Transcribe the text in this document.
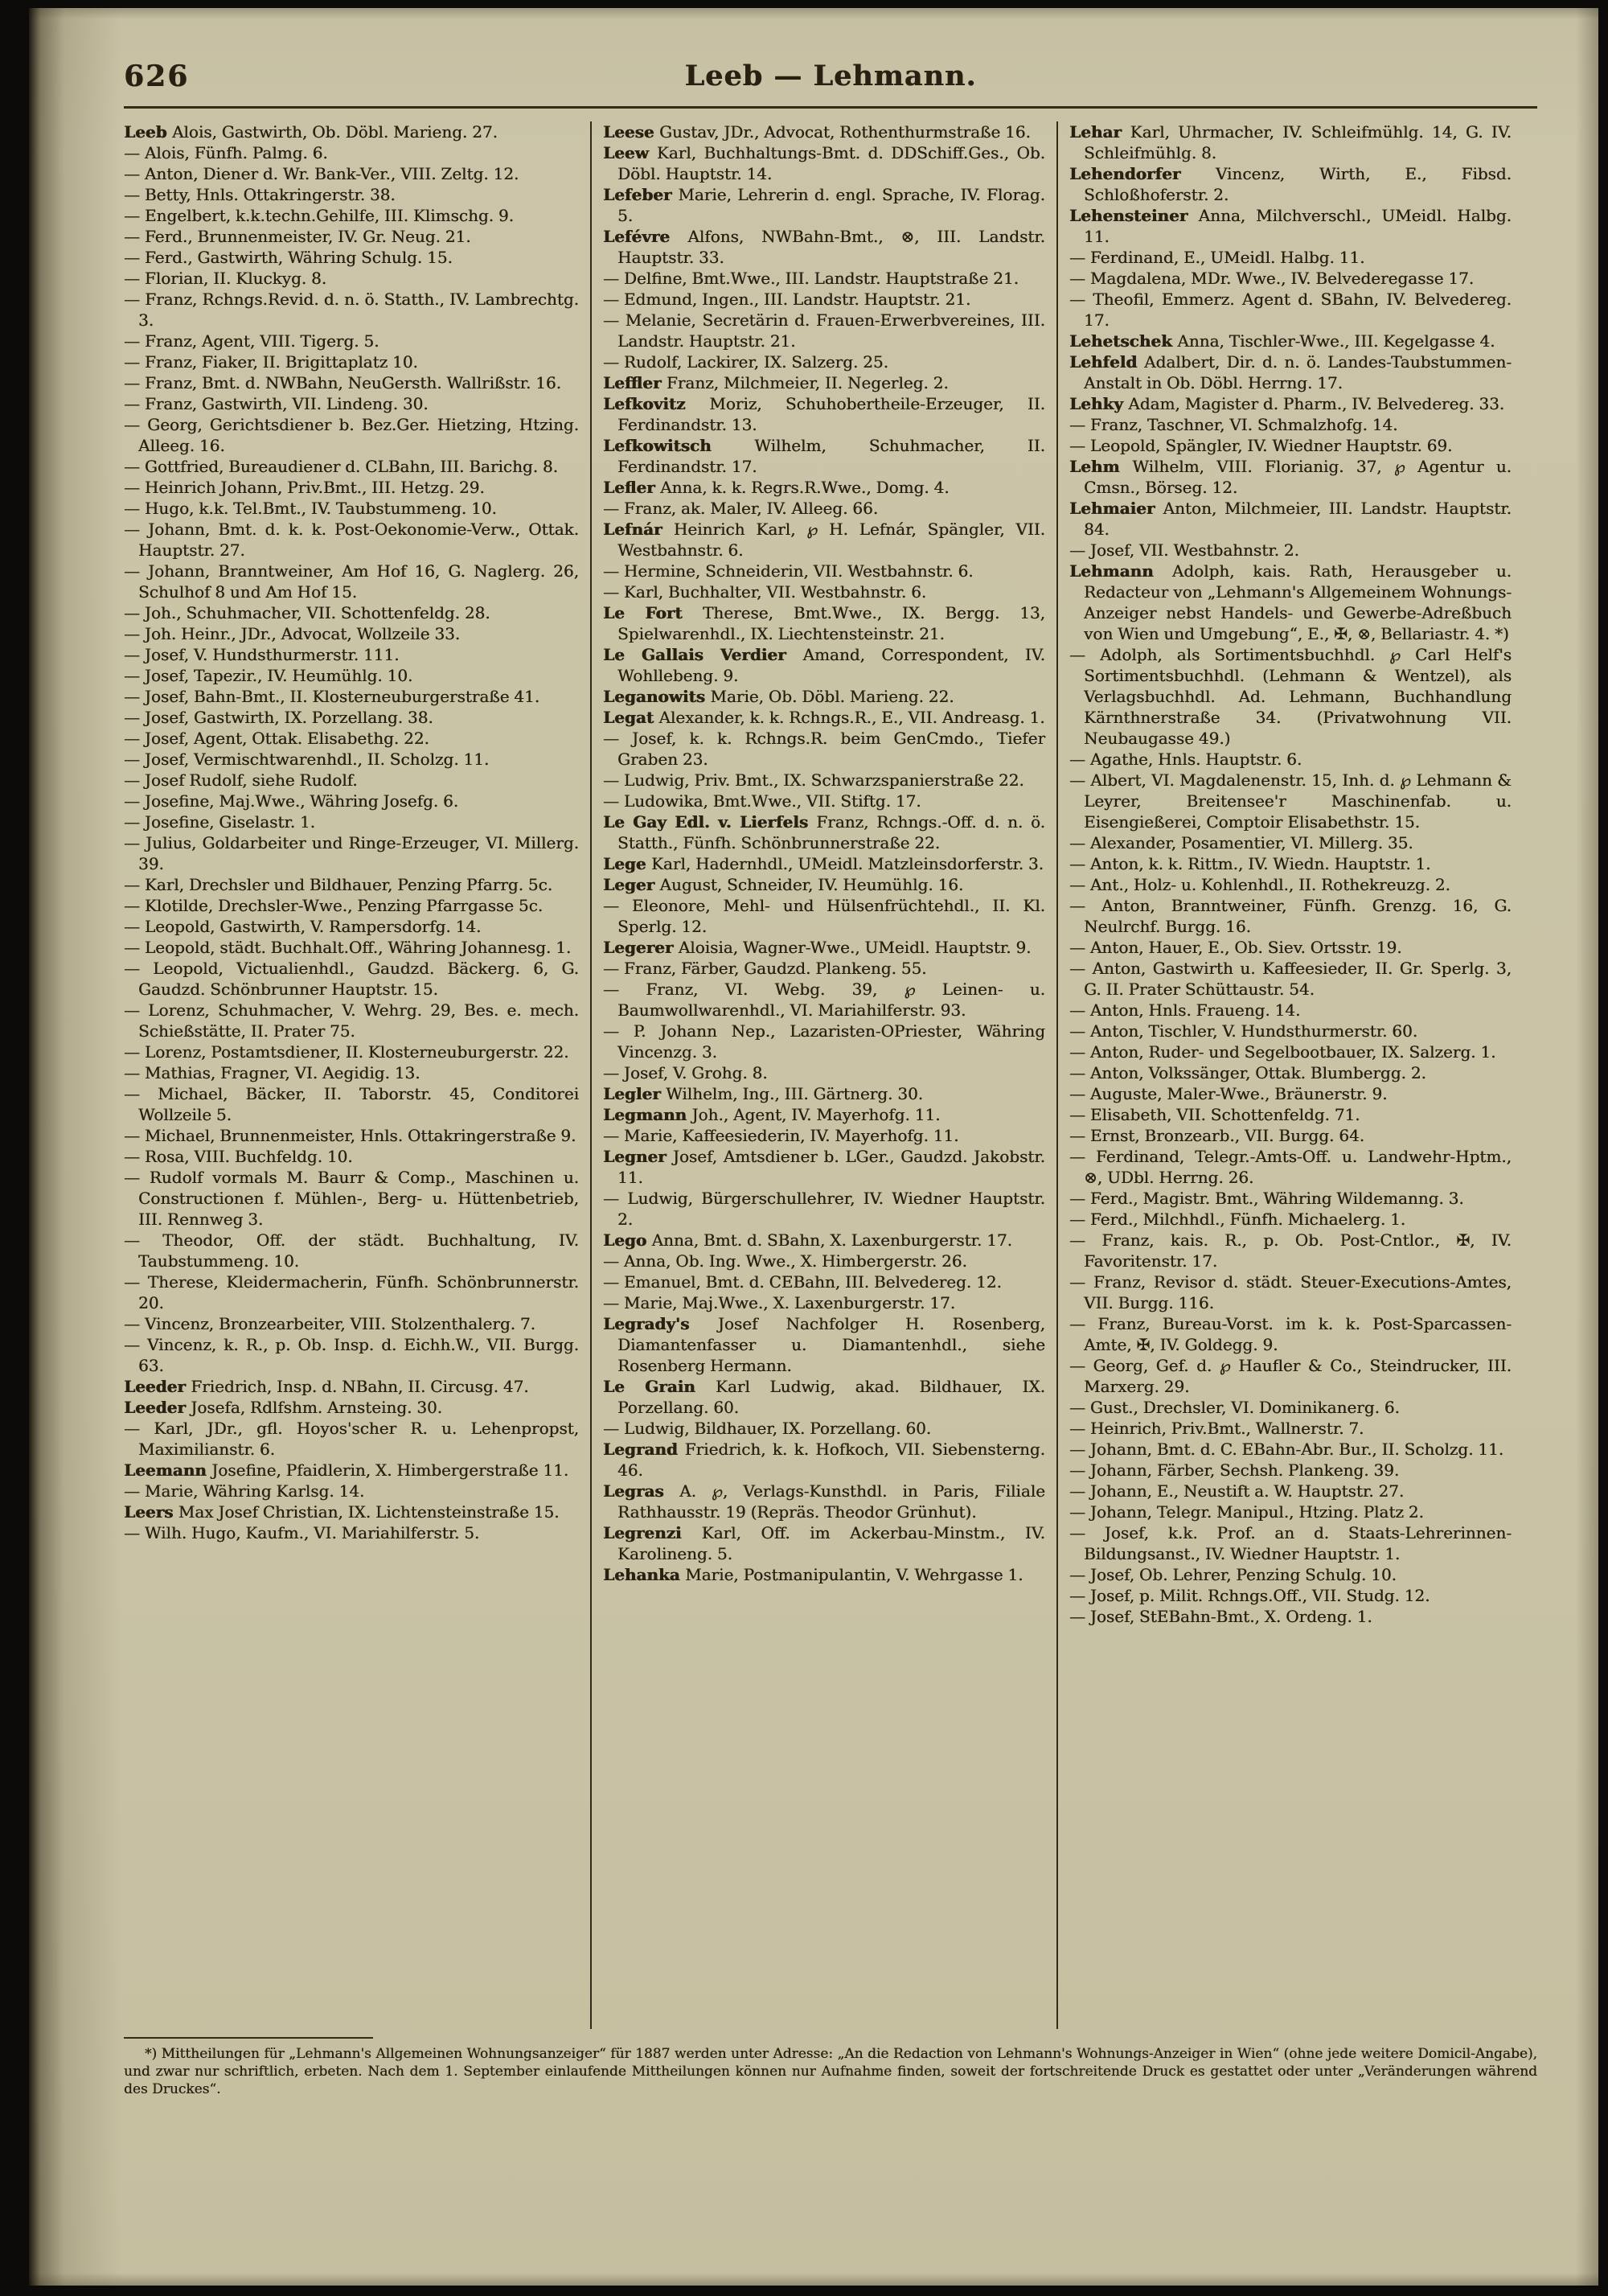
626	Leeb — Lehmann.

Leeb Alois, Gastwirth, Ob. Döbl. Marieng. 27.

— Alois, Fünfh. Palmg. 6.

— Anton, Diener d. Wr. Bank-Ver., VIII. Zeltg. 12.

— Betty, Hnls. Ottakringerstr. 38.

— Engelbert, k.k.techn.Gehilfe, III. Klimschg. 9.

— Ferd., Brunnenmeister, IV. Gr. Neug. 21.

— Ferd., Gastwirth, Währing Schulg. 15.

— Florian, II. Kluckyg. 8.

— Franz, Rchngs.Revid. d. n. ö. Statth., IV. Lambrechtg. 3.

— Franz, Agent, VIII. Tigerg. 5.

— Franz, Fiaker, II. Brigittaplatz 10.

— Franz, Bmt. d. NWBahn, NeuGersth. Wallrißstr. 16.

— Franz, Gastwirth, VII. Lindeng. 30.

— Georg, Gerichtsdiener b. Bez.Ger. Hietzing, Htzing. Alleeg. 16.

— Gottfried, Bureaudiener d. CLBahn, III. Barichg. 8.

— Heinrich Johann, Priv.Bmt., III. Hetzg. 29.

— Hugo, k.k. Tel.Bmt., IV. Taubstummeng. 10.

— Johann, Bmt. d. k. k. Post-Oekonomie-Verw., Ottak. Hauptstr. 27.

— Johann, Branntweiner, Am Hof 16, G. Naglerg. 26, Schulhof 8 und Am Hof 15.

— Joh., Schuhmacher, VII. Schottenfeldg. 28.

— Joh. Heinr., JDr., Advocat, Wollzeile 33.

— Josef, V. Hundsthurmerstr. 111.

— Josef, Tapezir., IV. Heumühlg. 10.

— Josef, Bahn-Bmt., II. Klosterneuburgerstraße 41.

— Josef, Gastwirth, IX. Porzellang. 38.

— Josef, Agent, Ottak. Elisabethg. 22.

— Josef, Vermischtwarenhdl., II. Scholzg. 11.

— Josef Rudolf, siehe Rudolf.

— Josefine, Maj.Wwe., Währing Josefg. 6.

— Josefine, Giselastr. 1.

— Julius, Goldarbeiter und Ringe-Erzeuger, VI. Millerg. 39.

— Karl, Drechsler und Bildhauer, Penzing Pfarrg. 5c.

— Klotilde, Drechsler-Wwe., Penzing Pfarrgasse 5c.

— Leopold, Gastwirth, V. Rampersdorfg. 14.

— Leopold, städt. Buchhalt.Off., Währing Johannesg. 1.

— Leopold, Victualienhdl., Gaudzd. Bäckerg. 6, G. Gaudzd. Schönbrunner Hauptstr. 15.

— Lorenz, Schuhmacher, V. Wehrg. 29, Bes. e. mech. Schießstätte, II. Prater 75.

— Lorenz, Postamtsdiener, II. Klosterneuburgerstr. 22.

— Mathias, Fragner, VI. Aegidig. 13.

— Michael, Bäcker, II. Taborstr. 45, Conditorei Wollzeile 5.

— Michael, Brunnenmeister, Hnls. Ottakringerstraße 9.

— Rosa, VIII. Buchfeldg. 10.

— Rudolf vormals M. Baurr & Comp., Maschinen u. Constructionen f. Mühlen-, Berg- u. Hüttenbetrieb, III. Rennweg 3.

— Theodor, Off. der städt. Buchhaltung, IV. Taubstummeng. 10.

— Therese, Kleidermacherin, Fünfh. Schönbrunnerstr. 20.

— Vincenz, Bronzearbeiter, VIII. Stolzenthalerg. 7.

— Vincenz, k. R., p. Ob. Insp. d. Eichh.W., VII. Burgg. 63.

Leeder Friedrich, Insp. d. NBahn, II. Circusg. 47.

Leeder Josefa, Rdlfshm. Arnsteing. 30.

— Karl, JDr., gfl. Hoyos'scher R. u. Lehenpropst, Maximilianstr. 6.

Leemann Josefine, Pfaidlerin, X. Himbergerstraße 11.

— Marie, Währing Karlsg. 14.

Leers Max Josef Christian, IX. Lichtensteinstraße 15.

— Wilh. Hugo, Kaufm., VI. Mariahilferstr. 5.

Leese Gustav, JDr., Advocat, Rothenthurmstraße 16.

Leew Karl, Buchhaltungs-Bmt. d. DDSchiff.Ges., Ob. Döbl. Hauptstr. 14.

Lefeber Marie, Lehrerin d. engl. Sprache, IV. Florag. 5.

Lefévre Alfons, NWBahn-Bmt., ⊗, III. Landstr. Hauptstr. 33.

— Delfine, Bmt.Wwe., III. Landstr. Hauptstraße 21.

— Edmund, Ingen., III. Landstr. Hauptstr. 21.

— Melanie, Secretärin d. Frauen-Erwerbvereines, III. Landstr. Hauptstr. 21.

— Rudolf, Lackirer, IX. Salzerg. 25.

Leffler Franz, Milchmeier, II. Negerleg. 2.

Lefkovitz Moriz, Schuhobertheile-Erzeuger, II. Ferdinandstr. 13.

Lefkowitsch Wilhelm, Schuhmacher, II. Ferdinandstr. 17.

Lefler Anna, k. k. Regrs.R.Wwe., Domg. 4.

— Franz, ak. Maler, IV. Alleeg. 66.

Lefnár Heinrich Karl, ℘ H. Lefnár, Spängler, VII. Westbahnstr. 6.

— Hermine, Schneiderin, VII. Westbahnstr. 6.

— Karl, Buchhalter, VII. Westbahnstr. 6.

Le Fort Therese, Bmt.Wwe., IX. Bergg. 13, Spielwarenhdl., IX. Liechtensteinstr. 21.

Le Gallais Verdier Amand, Correspondent, IV. Wohllebeng. 9.

Leganowits Marie, Ob. Döbl. Marieng. 22.

Legat Alexander, k. k. Rchngs.R., E., VII. Andreasg. 1.

— Josef, k. k. Rchngs.R. beim GenCmdo., Tiefer Graben 23.

— Ludwig, Priv. Bmt., IX. Schwarzspanierstraße 22.

— Ludowika, Bmt.Wwe., VII. Stiftg. 17.

Le Gay Edl. v. Lierfels Franz, Rchngs.-Off. d. n. ö. Statth., Fünfh. Schönbrunnerstraße 22.

Lege Karl, Hadernhdl., UMeidl. Matzleinsdorferstr. 3.

Leger August, Schneider, IV. Heumühlg. 16.

— Eleonore, Mehl- und Hülsenfrüchtehdl., II. Kl. Sperlg. 12.

Legerer Aloisia, Wagner-Wwe., UMeidl. Hauptstr. 9.

— Franz, Färber, Gaudzd. Plankeng. 55.

— Franz, VI. Webg. 39, ℘ Leinen- u. Baumwollwarenhdl., VI. Mariahilferstr. 93.

— P. Johann Nep., Lazaristen-OPriester, Währing Vincenzg. 3.

— Josef, V. Grohg. 8.

Legler Wilhelm, Ing., III. Gärtnerg. 30.

Legmann Joh., Agent, IV. Mayerhofg. 11.

— Marie, Kaffeesiederin, IV. Mayerhofg. 11.

Legner Josef, Amtsdiener b. LGer., Gaudzd. Jakobstr. 11.

— Ludwig, Bürgerschullehrer, IV. Wiedner Hauptstr. 2.

Lego Anna, Bmt. d. SBahn, X. Laxenburgerstr. 17.

— Anna, Ob. Ing. Wwe., X. Himbergerstr. 26.

— Emanuel, Bmt. d. CEBahn, III. Belvedereg. 12.

— Marie, Maj.Wwe., X. Laxenburgerstr. 17.

Legrady's Josef Nachfolger H. Rosenberg, Diamantenfasser u. Diamantenhdl., siehe Rosenberg Hermann.

Le Grain Karl Ludwig, akad. Bildhauer, IX. Porzellang. 60.

— Ludwig, Bildhauer, IX. Porzellang. 60.

Legrand Friedrich, k. k. Hofkoch, VII. Siebensterng. 46.

Legras A. ℘, Verlags-Kunsthdl. in Paris, Filiale Rathhausstr. 19 (Repräs. Theodor Grünhut).

Legrenzi Karl, Off. im Ackerbau-Minstm., IV. Karolineng. 5.

Lehanka Marie, Postmanipulantin, V. Wehrgasse 1.

Lehar Karl, Uhrmacher, IV. Schleifmühlg. 14, G. IV. Schleifmühlg. 8.

Lehendorfer Vincenz, Wirth, E., Fibsd. Schloßhoferstr. 2.

Lehensteiner Anna, Milchverschl., UMeidl. Halbg. 11.

— Ferdinand, E., UMeidl. Halbg. 11.

— Magdalena, MDr. Wwe., IV. Belvederegasse 17.

— Theofil, Emmerz. Agent d. SBahn, IV. Belvedereg. 17.

Lehetschek Anna, Tischler-Wwe., III. Kegelgasse 4.

Lehfeld Adalbert, Dir. d. n. ö. Landes-Taubstummen-Anstalt in Ob. Döbl. Herrng. 17.

Lehky Adam, Magister d. Pharm., IV. Belvedereg. 33.

— Franz, Taschner, VI. Schmalzhofg. 14.

— Leopold, Spängler, IV. Wiedner Hauptstr. 69.

Lehm Wilhelm, VIII. Florianig. 37, ℘ Agentur u. Cmsn., Börseg. 12.

Lehmaier Anton, Milchmeier, III. Landstr. Hauptstr. 84.

— Josef, VII. Westbahnstr. 2.

Lehmann Adolph, kais. Rath, Herausgeber u. Redacteur von „Lehmann's Allgemeinem Wohnungs-Anzeiger nebst Handels- und Gewerbe-Adreßbuch von Wien und Umgebung“, E., ✠, ⊗, Bellariastr. 4. *)

— Adolph, als Sortimentsbuchhdl. ℘ Carl Helf's Sortimentsbuchhdl. (Lehmann & Wentzel), als Verlagsbuchhdl. Ad. Lehmann, Buchhandlung Kärnthnerstraße 34. (Privatwohnung VII. Neubaugasse 49.)

— Agathe, Hnls. Hauptstr. 6.

— Albert, VI. Magdalenenstr. 15, Inh. d. ℘ Lehmann & Leyrer, Breitensee'r Maschinenfab. u. Eisengießerei, Comptoir Elisabethstr. 15.

— Alexander, Posamentier, VI. Millerg. 35.

— Anton, k. k. Rittm., IV. Wiedn. Hauptstr. 1.

— Ant., Holz- u. Kohlenhdl., II. Rothekreuzg. 2.

— Anton, Branntweiner, Fünfh. Grenzg. 16, G. Neulrchf. Burgg. 16.

— Anton, Hauer, E., Ob. Siev. Ortsstr. 19.

— Anton, Gastwirth u. Kaffeesieder, II. Gr. Sperlg. 3, G. II. Prater Schüttaustr. 54.

— Anton, Hnls. Fraueng. 14.

— Anton, Tischler, V. Hundsthurmerstr. 60.

— Anton, Ruder- und Segelbootbauer, IX. Salzerg. 1.

— Anton, Volkssänger, Ottak. Blumbergg. 2.

— Auguste, Maler-Wwe., Bräunerstr. 9.

— Elisabeth, VII. Schottenfeldg. 71.

— Ernst, Bronzearb., VII. Burgg. 64.

— Ferdinand, Telegr.-Amts-Off. u. Landwehr-Hptm., ⊗, UDbl. Herrng. 26.

— Ferd., Magistr. Bmt., Währing Wildemanng. 3.

— Ferd., Milchhdl., Fünfh. Michaelerg. 1.

— Franz, kais. R., p. Ob. Post-Cntlor., ✠, IV. Favoritenstr. 17.

— Franz, Revisor d. städt. Steuer-Executions-Amtes, VII. Burgg. 116.

— Franz, Bureau-Vorst. im k. k. Post-Sparcassen-Amte, ✠, IV. Goldegg. 9.

— Georg, Gef. d. ℘ Haufler & Co., Steindrucker, III. Marxerg. 29.

— Gust., Drechsler, VI. Dominikanerg. 6.

— Heinrich, Priv.Bmt., Wallnerstr. 7.

— Johann, Bmt. d. C. EBahn-Abr. Bur., II. Scholzg. 11.

— Johann, Färber, Sechsh. Plankeng. 39.

— Johann, E., Neustift a. W. Hauptstr. 27.

— Johann, Telegr. Manipul., Htzing. Platz 2.

— Josef, k.k. Prof. an d. Staats-Lehrerinnen-Bildungsanst., IV. Wiedner Hauptstr. 1.

— Josef, Ob. Lehrer, Penzing Schulg. 10.

— Josef, p. Milit. Rchngs.Off., VII. Studg. 12.

— Josef, StEBahn-Bmt., X. Ordeng. 1.

*) Mittheilungen für „Lehmann's Allgemeinen Wohnungsanzeiger“ für 1887 werden unter Adresse: „An die Redaction von Lehmann's Wohnungs-Anzeiger in Wien“ (ohne jede weitere Domicil-Angabe), und zwar nur schriftlich, erbeten. Nach dem 1. September einlaufende Mittheilungen können nur Aufnahme finden, soweit der fortschreitende Druck es gestattet oder unter „Veränderungen während des Druckes“.
